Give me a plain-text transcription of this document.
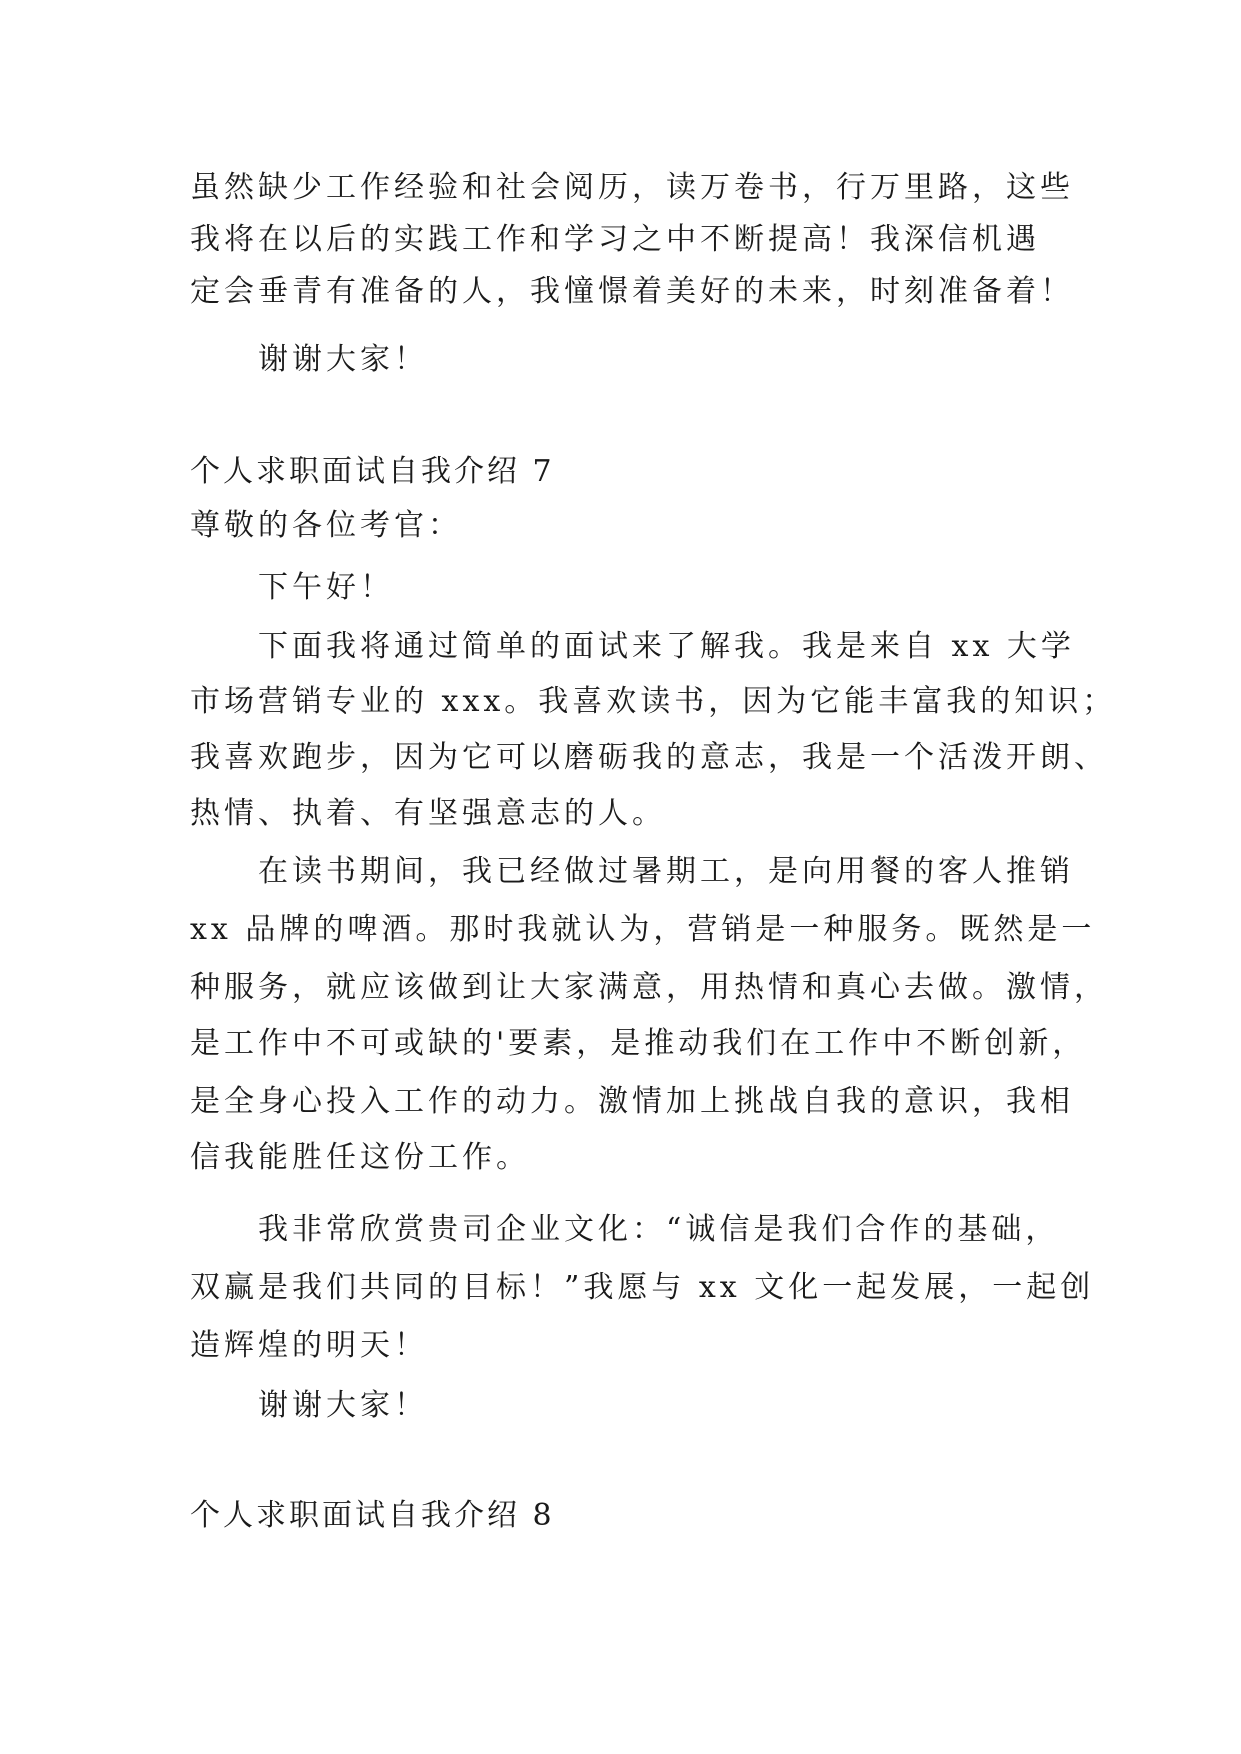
虽然缺少工作经验和社会阅历，读万卷书，行万里路，这些
我将在以后的实践工作和学习之中不断提高！我深信机遇
定会垂青有准备的人，我憧憬着美好的未来，时刻准备着！
谢谢大家！
个人求职面试自我介绍 7
尊敬的各位考官：
下午好！
下面我将通过简单的面试来了解我。我是来自 xx 大学
市场营销专业的 xxx。我喜欢读书，因为它能丰富我的知识；
我喜欢跑步，因为它可以磨砺我的意志，我是一个活泼开朗、
热情、执着、有坚强意志的人。
在读书期间，我已经做过暑期工，是向用餐的客人推销
xx 品牌的啤酒。那时我就认为，营销是一种服务。既然是一
种服务，就应该做到让大家满意，用热情和真心去做。激情，
是工作中不可或缺的'要素，是推动我们在工作中不断创新，
是全身心投入工作的动力。激情加上挑战自我的意识，我相
信我能胜任这份工作。
我非常欣赏贵司企业文化：“诚信是我们合作的基础，
双赢是我们共同的目标！”我愿与 xx 文化一起发展，一起创
造辉煌的明天！
谢谢大家！
个人求职面试自我介绍 8
